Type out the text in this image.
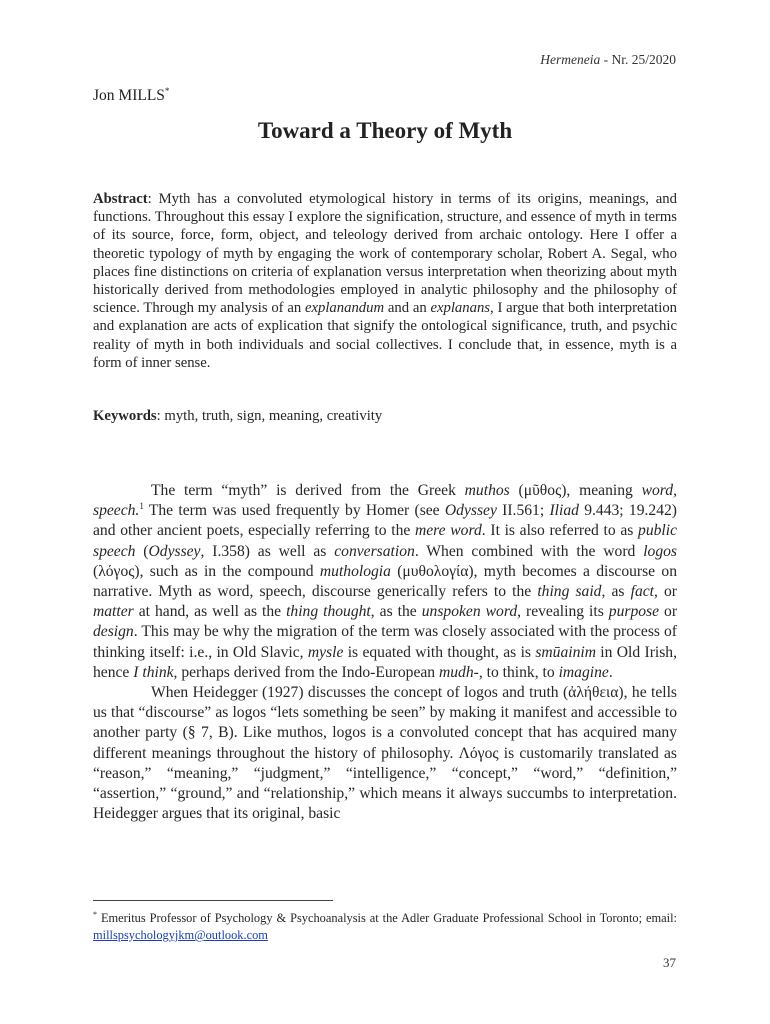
Hermeneia - Nr. 25/2020
Jon MILLS*
Toward a Theory of Myth
Abstract: Myth has a convoluted etymological history in terms of its origins, meanings, and functions. Throughout this essay I explore the signification, structure, and essence of myth in terms of its source, force, form, object, and teleology derived from archaic ontology. Here I offer a theoretic typology of myth by engaging the work of contemporary scholar, Robert A. Segal, who places fine distinctions on criteria of explanation versus interpretation when theorizing about myth historically derived from methodologies employed in analytic philosophy and the philosophy of science. Through my analysis of an explanandum and an explanans, I argue that both interpretation and explanation are acts of explication that signify the ontological significance, truth, and psychic reality of myth in both individuals and social collectives. I conclude that, in essence, myth is a form of inner sense.
Keywords: myth, truth, sign, meaning, creativity

The term “myth” is derived from the Greek muthos (μῦθος), meaning word, speech.$^1$ The term was used frequently by Homer (see Odyssey II.561; Iliad 9.443; 19.242) and other ancient poets, especially referring to the mere word. It is also referred to as public speech (Odyssey, I.358) as well as conversation. When combined with the word logos (λόγος), such as in the compound muthologia (μυθολογία), myth becomes a discourse on narrative. Myth as word, speech, discourse generically refers to the thing said, as fact, or matter at hand, as well as the thing thought, as the unspoken word, revealing its purpose or design. This may be why the migration of the term was closely associated with the process of thinking itself: i.e., in Old Slavic, mysle is equated with thought, as is smūainim in Old Irish, hence I think, perhaps derived from the Indo-European mudh-, to think, to imagine.

When Heidegger (1927) discusses the concept of logos and truth (ἀλήθεια), he tells us that “discourse” as logos “lets something be seen” by making it manifest and accessible to another party (§ 7, B). Like muthos, logos is a convoluted concept that has acquired many different meanings throughout the history of philosophy. Λόγος is customarily translated as “reason,” “meaning,” “judgment,” “intelligence,” “concept,” “word,” “definition,” “assertion,” “ground,” and “relationship,” which means it always succumbs to interpretation. Heidegger argues that its original, basic

* Emeritus Professor of Psychology & Psychoanalysis at the Adler Graduate Professional School in Toronto; email: millspsychologyjkm@outlook.com
37
